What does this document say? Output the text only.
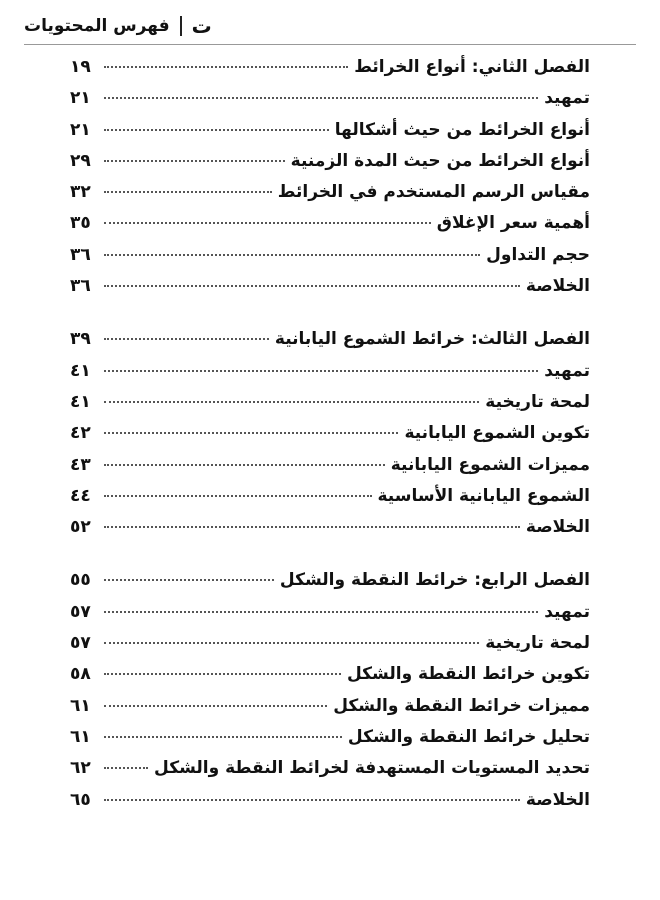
ت
فهرس المحتويات
الفصل الثاني: أنواع الخرائط
١٩
تمهيد
٢١
أنواع الخرائط من حيث أشكالها
٢١
أنواع الخرائط من حيث المدة الزمنية
٢٩
مقياس الرسم المستخدم في الخرائط
٣٢
أهمية سعر الإغلاق
٣٥
حجم التداول
٣٦
الخلاصة
٣٦
الفصل الثالث: خرائط الشموع اليابانية
٣٩
تمهيد
٤١
لمحة تاريخية
٤١
تكوين الشموع اليابانية
٤٢
مميزات الشموع اليابانية
٤٣
الشموع اليابانية الأساسية
٤٤
الخلاصة
٥٢
الفصل الرابع: خرائط النقطة والشكل
٥٥
تمهيد
٥٧
لمحة تاريخية
٥٧
تكوين خرائط النقطة والشكل
٥٨
مميزات خرائط النقطة والشكل
٦١
تحليل خرائط النقطة والشكل
٦١
تحديد المستويات المستهدفة لخرائط النقطة والشكل
٦٢
الخلاصة
٦٥
